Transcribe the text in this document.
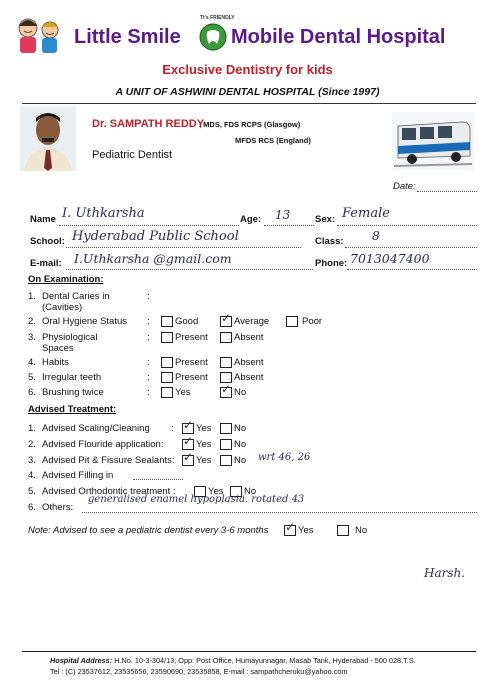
Little Smile
Tt's FRIENDLY
Mobile Dental Hospital
Exclusive Dentistry for kids
A UNIT OF ASHWINI DENTAL HOSPITAL (Since 1997)
Dr. SAMPATH REDDY
, MDS, FDS RCPS (Glasgow)
MFDS RCS (England)
Pediatric Dentist
Date:
Name I. Uthkarsha	Age: 13	Sex: Female
School: Hyderabad Public School	Class: 8
E-mail: I.Uthkarsha @gmail.com	Phone: 7013047400
On Examination:
1. Dental Caries in
(Cavities)
:
2. Oral Hygiene Status :	Good ✓ Average	Poor
3. Physiological
Spaces
:	Present	Absent
4. Habits	:	Present	Absent
5. Irregular teeth	:	Present	Absent
6. Brushing twice	:	Yes	✓ No
Advised Treatment:
1. Advised Scaling/Cleaning : ✓ Yes No
2. Advised Flouride application: ✓ Yes No
3. Advised Pit & Fissure Sealants: ✓ Yes No wrt 46, 26
4. Advised Filling in
5. Advised Orthodontic treatment :	Yes No
6. Others:
generalised enamel hypoplasia. rotated 43
Note: Advised to see a pediatric dentist every 3-6 months ✓ Yes	No
Harsh.
Hospital Address: H.No. 10-3-304/13, Opp: Post Office, Humayunnagar, Masab Tank, Hyderabad - 500 028.T.S.
Tel : (C) 23537612, 23535656, 23590690, 23535858, E-mail : sampathcheruku@yahoo.com
